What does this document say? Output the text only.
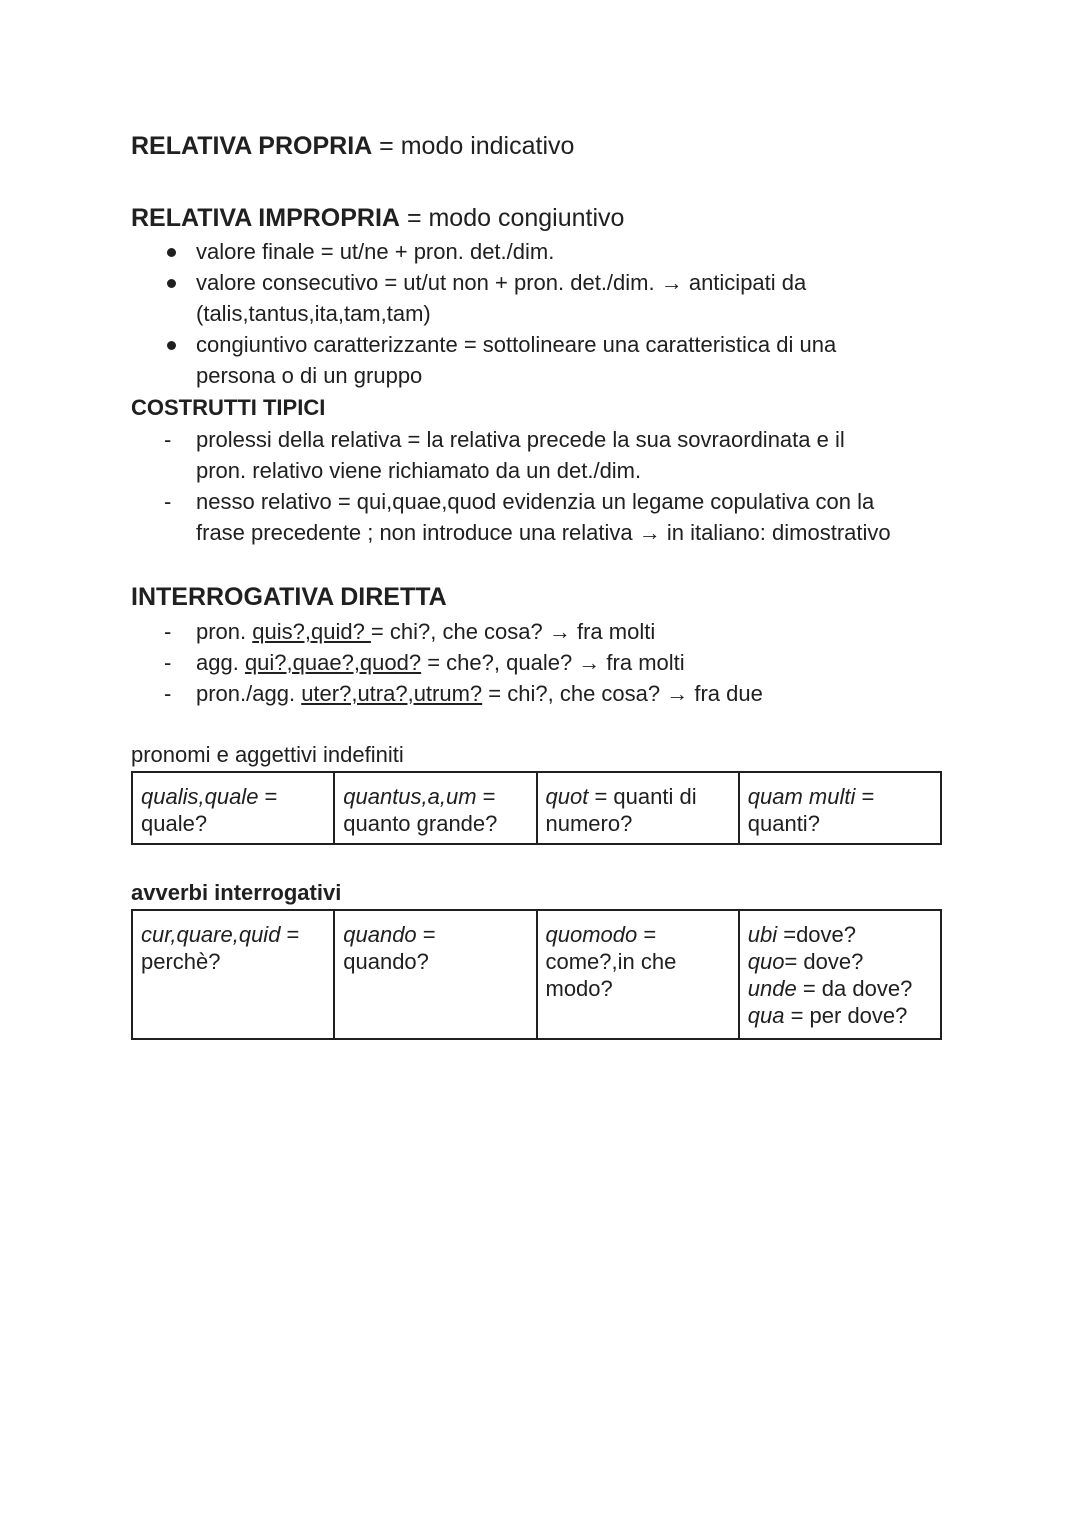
RELATIVA PROPRIA = modo indicativo
RELATIVA IMPROPRIA = modo congiuntivo
valore finale = ut/ne + pron. det./dim.
valore consecutivo = ut/ut non + pron. det./dim. → anticipati da
(talis,tantus,ita,tam,tam)
congiuntivo caratterizzante = sottolineare una caratteristica di una
persona o di un gruppo
COSTRUTTI TIPICI
- prolessi della relativa = la relativa precede la sua sovraordinata e il
pron. relativo viene richiamato da un det./dim.
- nesso relativo = qui,quae,quod evidenzia un legame copulativa con la
frase precedente ; non introduce una relativa → in italiano: dimostrativo
INTERROGATIVA DIRETTA
- pron. quis?,quid? = chi?, che cosa? → fra molti
- agg. qui?,quae?,quod? = che?, quale? → fra molti
- pron./agg. uter?,utra?,utrum? = chi?, che cosa? → fra due
pronomi e aggettivi indefiniti
qualis,quale =
quale?	quantus,a,um =
quanto grande?	quot = quanti di
numero?	quam multi =
quanti?
avverbi interrogativi
cur,quare,quid =
perchè?	quando =
quando?	quomodo =
come?,in che
modo?	ubi =dove?
quo= dove?
unde = da dove?
qua = per dove?
